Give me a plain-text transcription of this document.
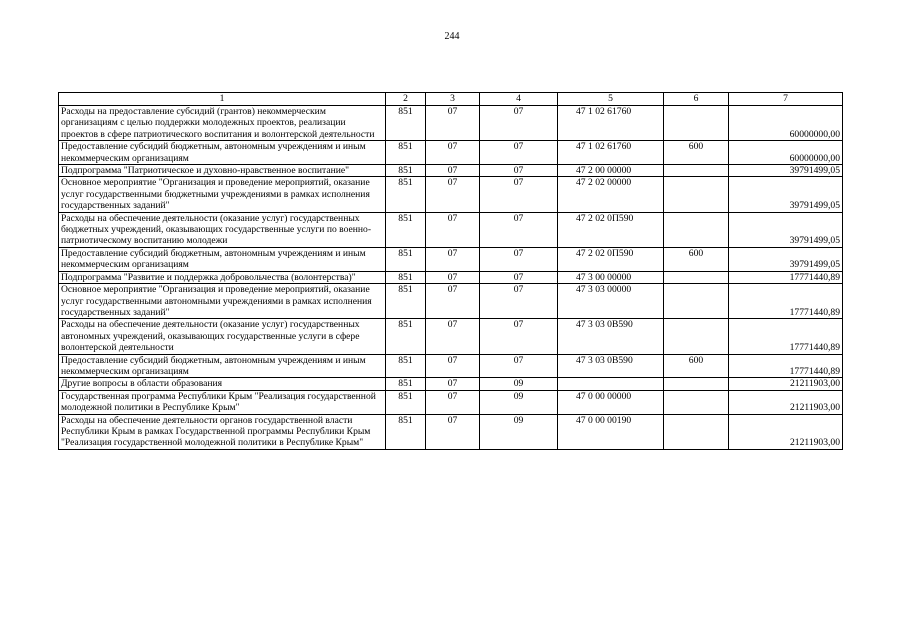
244
1	2	3	4	5	6	7
Расходы на предоставление субсидий (грантов) некоммерческим организациям с целью поддержки молодежных проектов, реализации проектов в сфере патриотического воспитания и волонтерской деятельности	851	07	07	47 1 02 61760		60000000,00
Предоставление субсидий бюджетным, автономным учреждениям и иным некоммерческим организациям	851	07	07	47 1 02 61760	600	60000000,00
Подпрограмма "Патриотическое и духовно-нравственное воспитание"	851	07	07	47 2 00 00000		39791499,05
Основное мероприятие "Организация и проведение мероприятий, оказание услуг государственными бюджетными учреждениями в рамках исполнения государственных заданий"	851	07	07	47 2 02 00000		39791499,05
Расходы на обеспечение деятельности (оказание услуг) государственных бюджетных учреждений, оказывающих государственные услуги по военно-патриотическому воспитанию молодежи	851	07	07	47 2 02 0П590		39791499,05
Предоставление субсидий бюджетным, автономным учреждениям и иным некоммерческим организациям	851	07	07	47 2 02 0П590	600	39791499,05
Подпрограмма "Развитие и поддержка добровольчества (волонтерства)"	851	07	07	47 3 00 00000		17771440,89
Основное мероприятие "Организация и проведение мероприятий, оказание услуг государственными автономными учреждениями в рамках исполнения государственных заданий"	851	07	07	47 3 03 00000		17771440,89
Расходы на обеспечение деятельности (оказание услуг) государственных автономных учреждений, оказывающих государственные услуги в сфере волонтерской деятельности	851	07	07	47 3 03 0В590		17771440,89
Предоставление субсидий бюджетным, автономным учреждениям и иным некоммерческим организациям	851	07	07	47 3 03 0В590	600	17771440,89
Другие вопросы в области образования	851	07	09			21211903,00
Государственная программа Республики Крым "Реализация государственной молодежной политики в Республике Крым"	851	07	09	47 0 00 00000		21211903,00
Расходы на обеспечение деятельности органов государственной власти Республики Крым в рамках Государственной программы Республики Крым "Реализация государственной молодежной политики в Республике Крым"	851	07	09	47 0 00 00190		21211903,00
